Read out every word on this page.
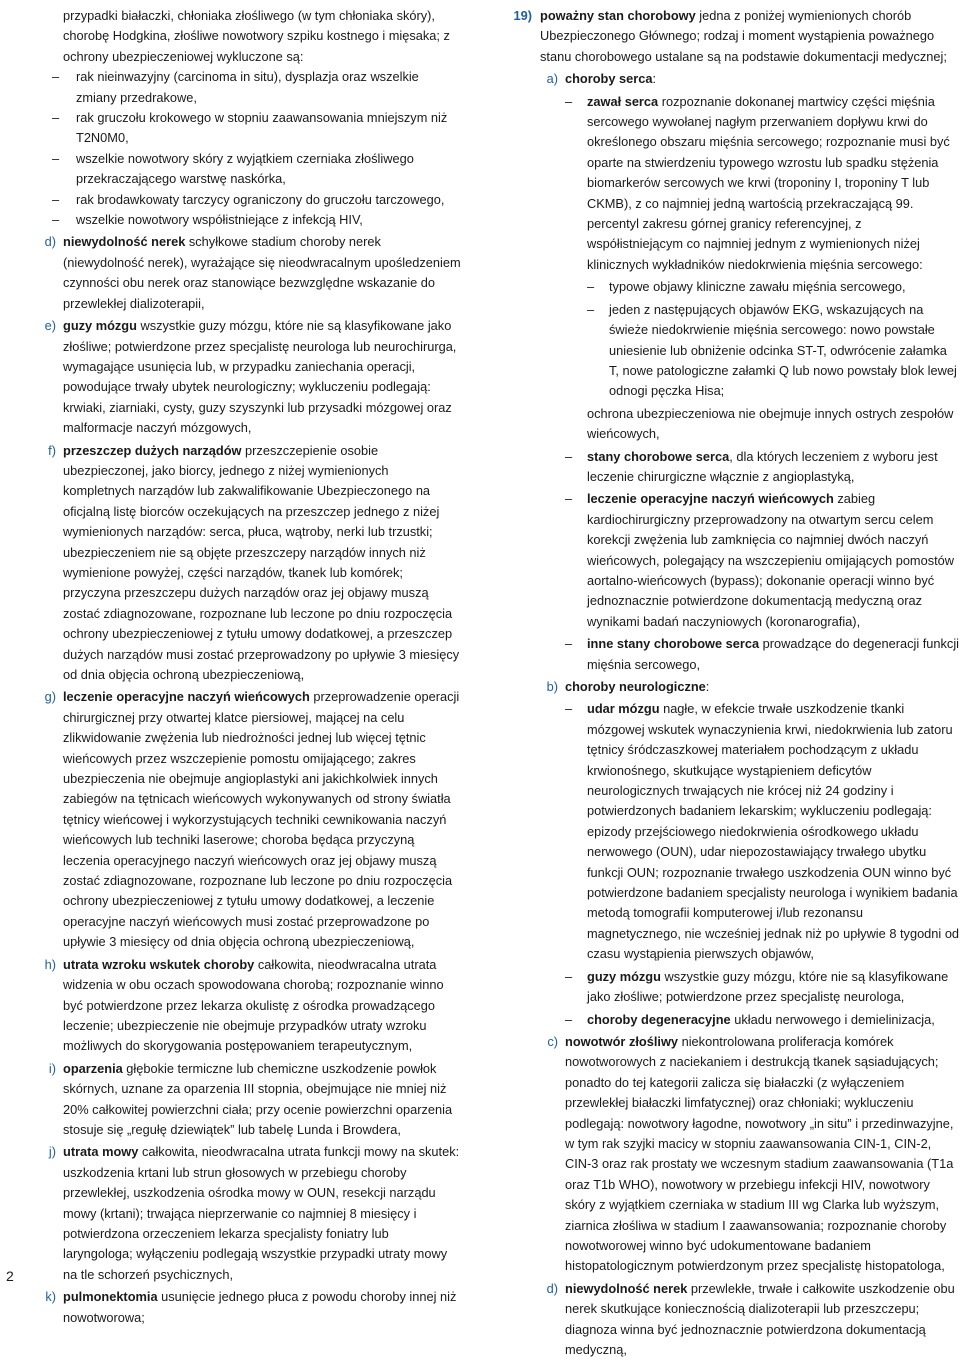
przypadki białaczki, chłoniaka złośliwego (w tym chłoniaka skóry), chorobę Hodgkina, złośliwe nowotwory szpiku kostnego i mięsaka; z ochrony ubezpieczeniowej wykluczone są:

– rak nieinwazyjny (carcinoma in situ), dysplazja oraz wszelkie zmiany przedrakowe,

– rak gruczołu krokowego w stopniu zaawansowania mniejszym niż T2N0M0,

– wszelkie nowotwory skóry z wyjątkiem czerniaka złośliwego przekraczającego warstwę naskórka,

– rak brodawkowaty tarczycy ograniczony do gruczołu tarczowego,

– wszelkie nowotwory współistniejące z infekcją HIV,

d) niewydolność nerek schyłkowe stadium choroby nerek (niewydolność nerek), wyrażające się nieodwracalnym upośledzeniem czynności obu nerek oraz stanowiące bezwzględne wskazanie do przewlekłej dializoterapii,
e) guzy mózgu wszystkie guzy mózgu, które nie są klasyfikowane jako złośliwe; potwierdzone przez specjalistę neurologa lub neurochirurga, wymagające usunięcia lub, w przypadku zaniechania operacji, powodujące trwały ubytek neurologiczny; wykluczeniu podlegają: krwiaki, ziarniaki, cysty, guzy szyszynki lub przysadki mózgowej oraz malformacje naczyń mózgowych,
f) przeszczep dużych narządów przeszczepienie osobie ubezpieczonej, jako biorcy, jednego z niżej wymienionych kompletnych narządów lub zakwalifikowanie Ubezpieczonego na oficjalną listę biorców oczekujących na przeszczep jednego z niżej wymienionych narządów: serca, płuca, wątroby, nerki lub trzustki; ubezpieczeniem nie są objęte przeszczepy narządów innych niż wymienione powyżej, części narządów, tkanek lub komórek; przyczyna przeszczepu dużych narządów oraz jej objawy muszą zostać zdiagnozowane, rozpoznane lub leczone po dniu rozpoczęcia ochrony ubezpieczeniowej z tytułu umowy dodatkowej, a przeszczep dużych narządów musi zostać przeprowadzony po upływie 3 miesięcy od dnia objęcia ochroną ubezpieczeniową,
g) leczenie operacyjne naczyń wieńcowych przeprowadzenie operacji chirurgicznej przy otwartej klatce piersiowej, mającej na celu zlikwidowanie zwężenia lub niedrożności jednej lub więcej tętnic wieńcowych przez wszczepienie pomostu omijającego; zakres ubezpieczenia nie obejmuje angioplastyki ani jakichkolwiek innych zabiegów na tętnicach wieńcowych wykonywanych od strony światła tętnicy wieńcowej i wykorzystujących techniki cewnikowania naczyń wieńcowych lub techniki laserowe; choroba będąca przyczyną leczenia operacyjnego naczyń wieńcowych oraz jej objawy muszą zostać zdiagnozowane, rozpoznane lub leczone po dniu rozpoczęcia ochrony ubezpieczeniowej z tytułu umowy dodatkowej, a leczenie operacyjne naczyń wieńcowych musi zostać przeprowadzone po upływie 3 miesięcy od dnia objęcia ochroną ubezpieczeniową,
h) utrata wzroku wskutek choroby całkowita, nieodwracalna utrata widzenia w obu oczach spowodowana chorobą; rozpoznanie winno być potwierdzone przez lekarza okulistę z ośrodka prowadzącego leczenie; ubezpieczenie nie obejmuje przypadków utraty wzroku możliwych do skorygowania postępowaniem terapeutycznym,
i) oparzenia głębokie termiczne lub chemiczne uszkodzenie powłok skórnych, uznane za oparzenia III stopnia, obejmujące nie mniej niż 20% całkowitej powierzchni ciała; przy ocenie powierzchni oparzenia stosuje się „regułę dziewiątek” lub tabelę Lunda i Browdera,
j) utrata mowy całkowita, nieodwracalna utrata funkcji mowy na skutek: uszkodzenia krtani lub strun głosowych w przebiegu choroby przewlekłej, uszkodzenia ośrodka mowy w OUN, resekcji narządu mowy (krtani); trwająca nieprzerwanie co najmniej 8 miesięcy i potwierdzona orzeczeniem lekarza specjalisty foniatry lub laryngologa; wyłączeniu podlegają wszystkie przypadki utraty mowy na tle schorzeń psychicznych,
k) pulmonektomia usunięcie jednego płuca z powodu choroby innej niż nowotworowa;
19) poważny stan chorobowy jedna z poniżej wymienionych chorób Ubezpieczonego Głównego; rodzaj i moment wystąpienia poważnego stanu chorobowego ustalane są na podstawie dokumentacji medycznej;
a) choroby serca:

– zawał serca rozpoznanie dokonanej martwicy części mięśnia sercowego wywołanej nagłym przerwaniem dopływu krwi do określonego obszaru mięśnia sercowego; rozpoznanie musi być oparte na stwierdzeniu typowego wzrostu lub spadku stężenia biomarkerów sercowych we krwi (troponiny I, troponiny T lub CKMB), z co najmniej jedną wartością przekraczającą 99. percentyl zakresu górnej granicy referencyjnej, z współistniejącym co najmniej jednym z wymienionych niżej klinicznych wykładników niedokrwienia mięśnia sercowego:

– typowe objawy kliniczne zawału mięśnia sercowego,

– jeden z następujących objawów EKG, wskazujących na świeże niedokrwienie mięśnia sercowego: nowo powstałe uniesienie lub obniżenie odcinka ST-T, odwrócenie załamka T, nowe patologiczne załamki Q lub nowo powstały blok lewej odnogi pęczka Hisa;

ochrona ubezpieczeniowa nie obejmuje innych ostrych zespołów wieńcowych,

– stany chorobowe serca, dla których leczeniem z wyboru jest leczenie chirurgiczne włącznie z angioplastyką,

– leczenie operacyjne naczyń wieńcowych zabieg kardiochirurgiczny przeprowadzony na otwartym sercu celem korekcji zwężenia lub zamknięcia co najmniej dwóch naczyń wieńcowych, polegający na wszczepieniu omijających pomostów aortalno-wieńcowych (bypass); dokonanie operacji winno być jednoznacznie potwierdzone dokumentacją medyczną oraz wynikami badań naczyniowych (koronarografia),

– inne stany chorobowe serca prowadzące do degeneracji funkcji mięśnia sercowego,

b) choroby neurologiczne:

– udar mózgu nagłe, w efekcie trwałe uszkodzenie tkanki mózgowej wskutek wynaczynienia krwi, niedokrwienia lub zatoru tętnicy śródczaszkowej materiałem pochodzącym z układu krwionośnego, skutkujące wystąpieniem deficytów neurologicznych trwających nie krócej niż 24 godziny i potwierdzonych badaniem lekarskim; wykluczeniu podlegają: epizody przejściowego niedokrwienia ośrodkowego układu nerwowego (OUN), udar niepozostawiający trwałego ubytku funkcji OUN; rozpoznanie trwałego uszkodzenia OUN winno być potwierdzone badaniem specjalisty neurologa i wynikiem badania metodą tomografii komputerowej i/lub rezonansu magnetycznego, nie wcześniej jednak niż po upływie 8 tygodni od czasu wystąpienia pierwszych objawów,

– guzy mózgu wszystkie guzy mózgu, które nie są klasyfikowane jako złośliwe; potwierdzone przez specjalistę neurologa,

– choroby degeneracyjne układu nerwowego i demielinizacja,

c) nowotwór złośliwy niekontrolowana proliferacja komórek nowotworowych z naciekaniem i destrukcją tkanek sąsiadujących; ponadto do tej kategorii zalicza się białaczki (z wyłączeniem przewlekłej białaczki limfatycznej) oraz chłoniaki; wykluczeniu podlegają: nowotwory łagodne, nowotwory „in situ” i przedinwazyjne, w tym rak szyjki macicy w stopniu zaawansowania CIN-1, CIN-2, CIN-3 oraz rak prostaty we wczesnym stadium zaawansowania (T1a oraz T1b WHO), nowotwory w przebiegu infekcji HIV, nowotwory skóry z wyjątkiem czerniaka w stadium III wg Clarka lub wyższym, ziarnica złośliwa w stadium I zaawansowania; rozpoznanie choroby nowotworowej winno być udokumentowane badaniem histopatologicznym potwierdzonym przez specjalistę histopatologa,
d) niewydolność nerek przewlekłe, trwałe i całkowite uszkodzenie obu nerek skutkujące koniecznością dializoterapii lub przeszczepu; diagnoza winna być jednoznacznie potwierdzona dokumentacją medyczną,
2
